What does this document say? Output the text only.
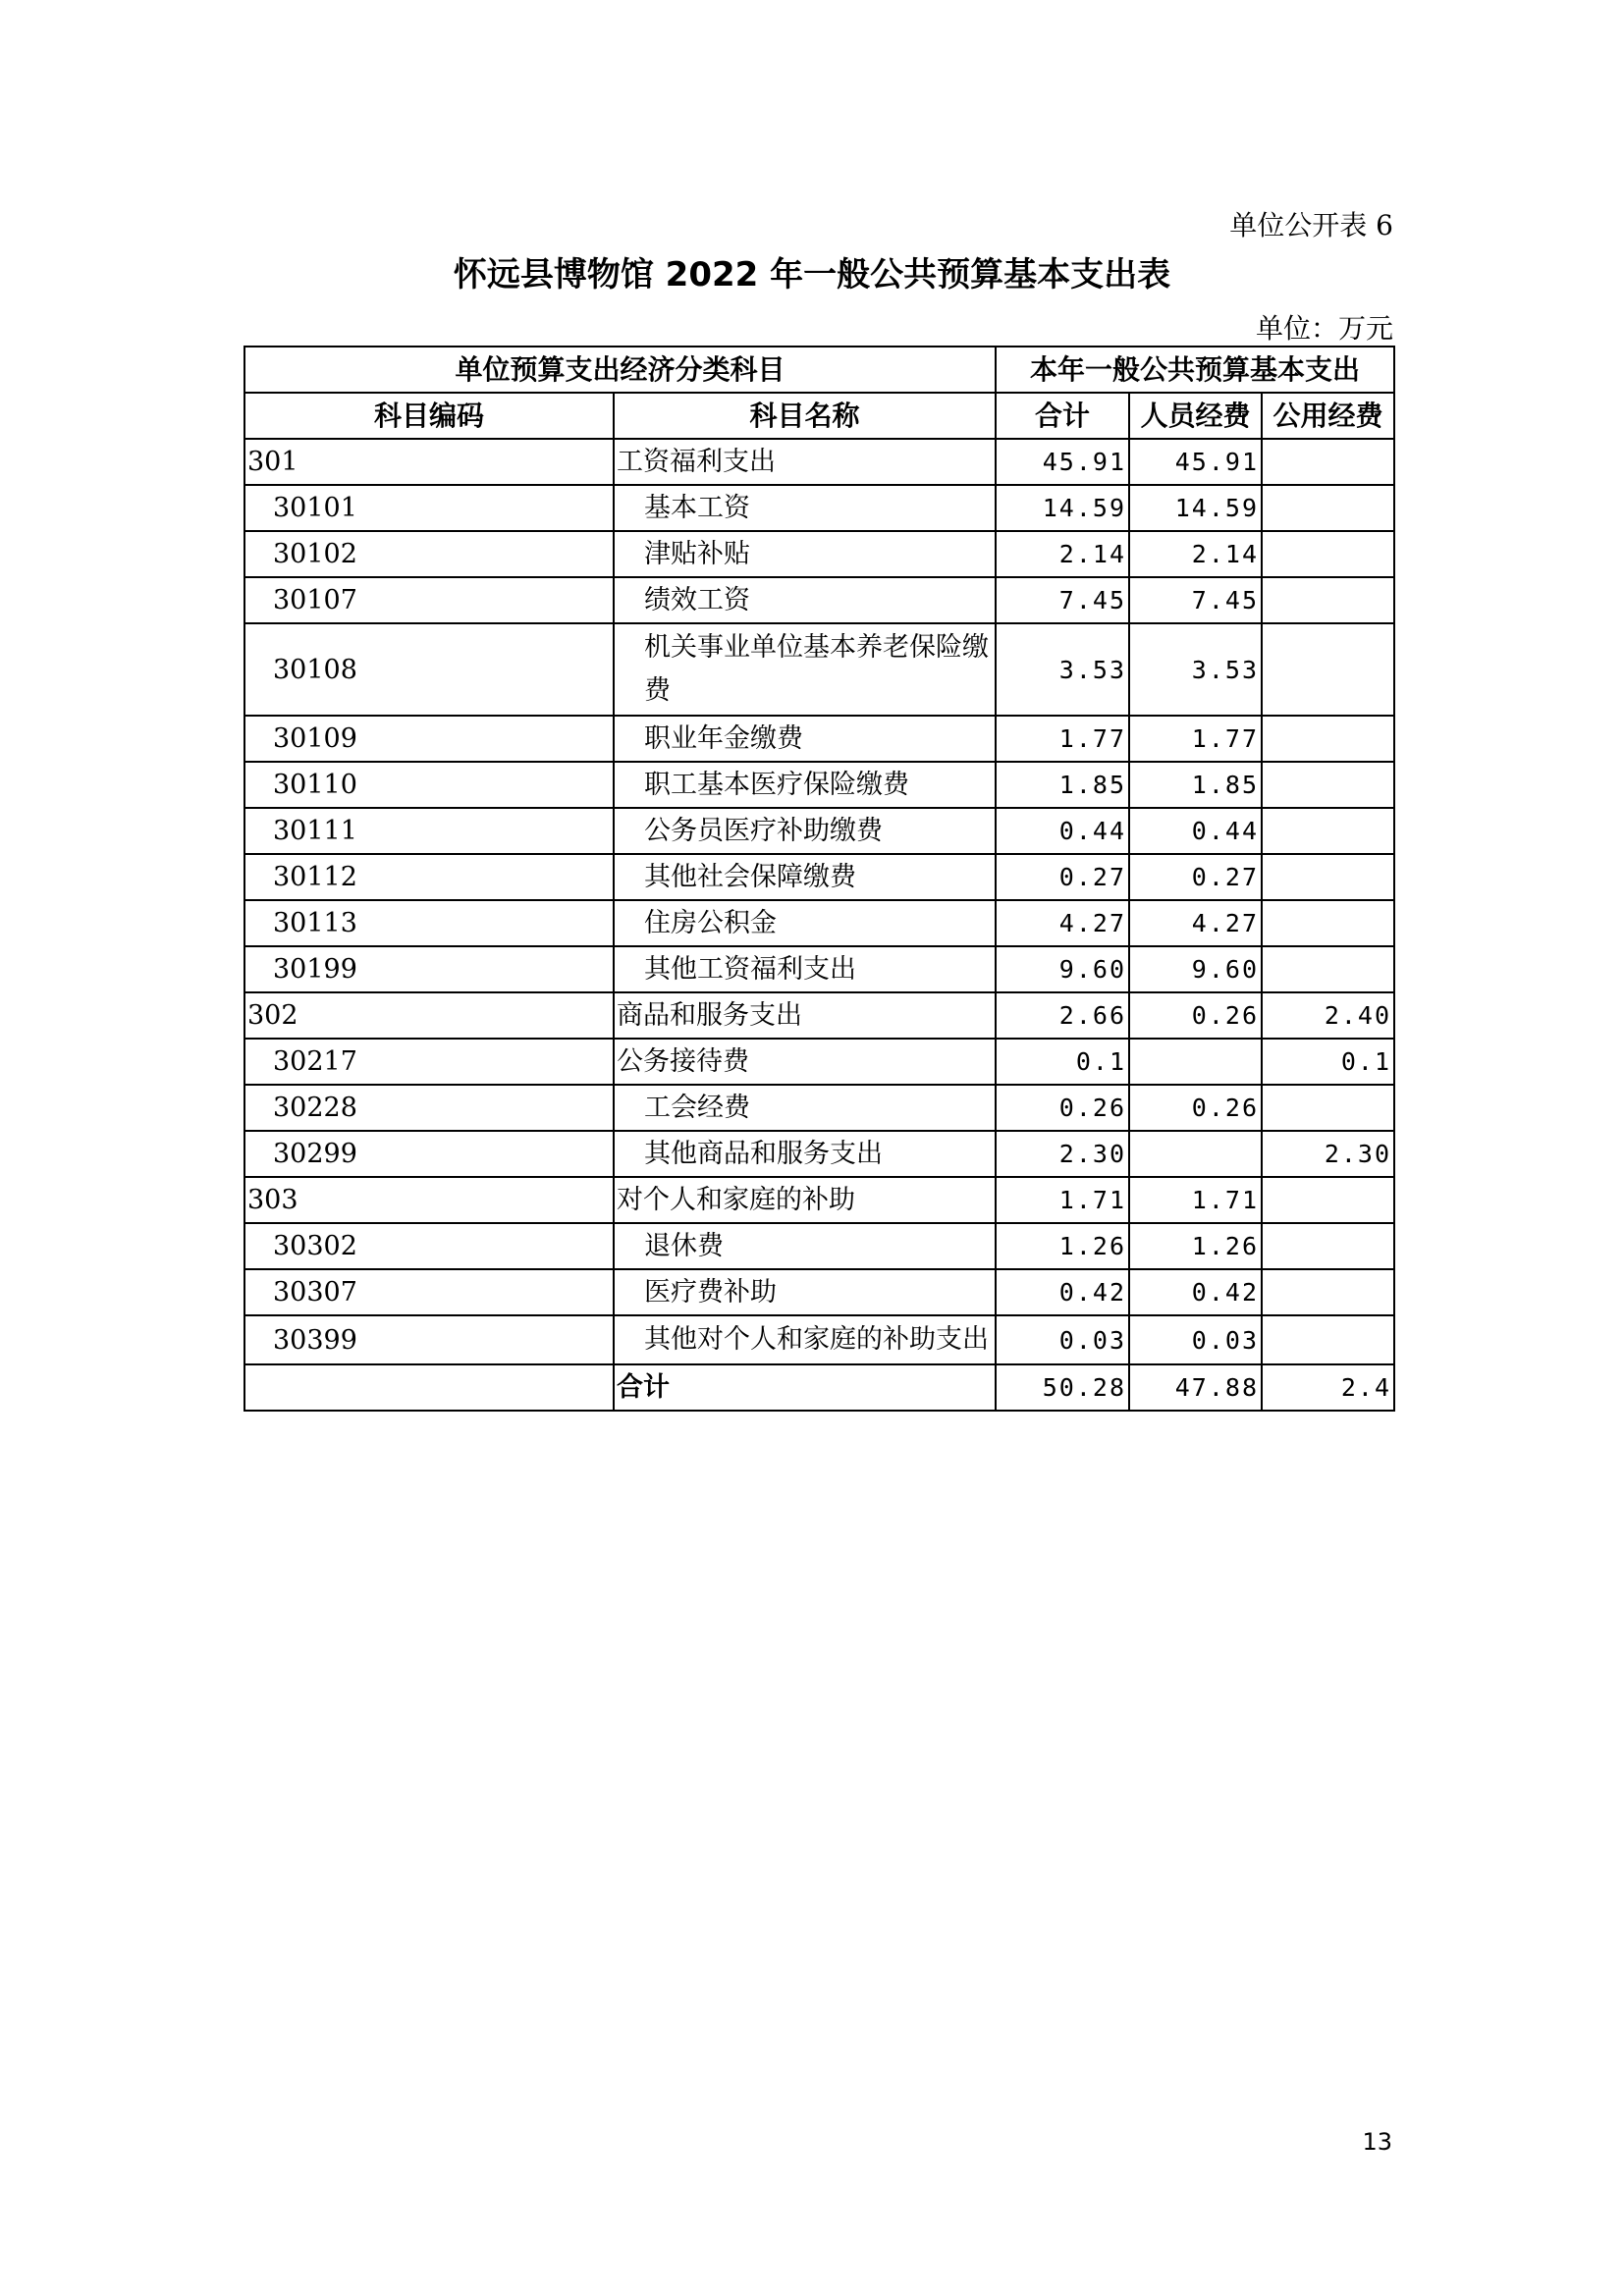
单位公开表 6
怀远县博物馆 2022 年一般公共预算基本支出表
单位：万元
单位预算支出经济分类科目		本年一般公共预算基本支出		
科目编码	科目名称	合计	人员经费	公用经费
301	工资福利支出	45.91	45.91	
30101	基本工资	14.59	14.59	
30102	津贴补贴	2.14	2.14	
30107	绩效工资	7.45	7.45	
30108	机关事业单位基本养老保险缴费	3.53	3.53	
30109	职业年金缴费	1.77	1.77	
30110	职工基本医疗保险缴费	1.85	1.85	
30111	公务员医疗补助缴费	0.44	0.44	
30112	其他社会保障缴费	0.27	0.27	
30113	住房公积金	4.27	4.27	
30199	其他工资福利支出	9.60	9.60	
302	商品和服务支出	2.66	0.26	2.40
30217	公务接待费	0.1		0.1
30228	工会经费	0.26	0.26	
30299	其他商品和服务支出	2.30		2.30
303	对个人和家庭的补助	1.71	1.71	
30302	退休费	1.26	1.26	
30307	医疗费补助	0.42	0.42	
30399	其他对个人和家庭的补助支出	0.03	0.03	
	合计	50.28	47.88	2.4
13
